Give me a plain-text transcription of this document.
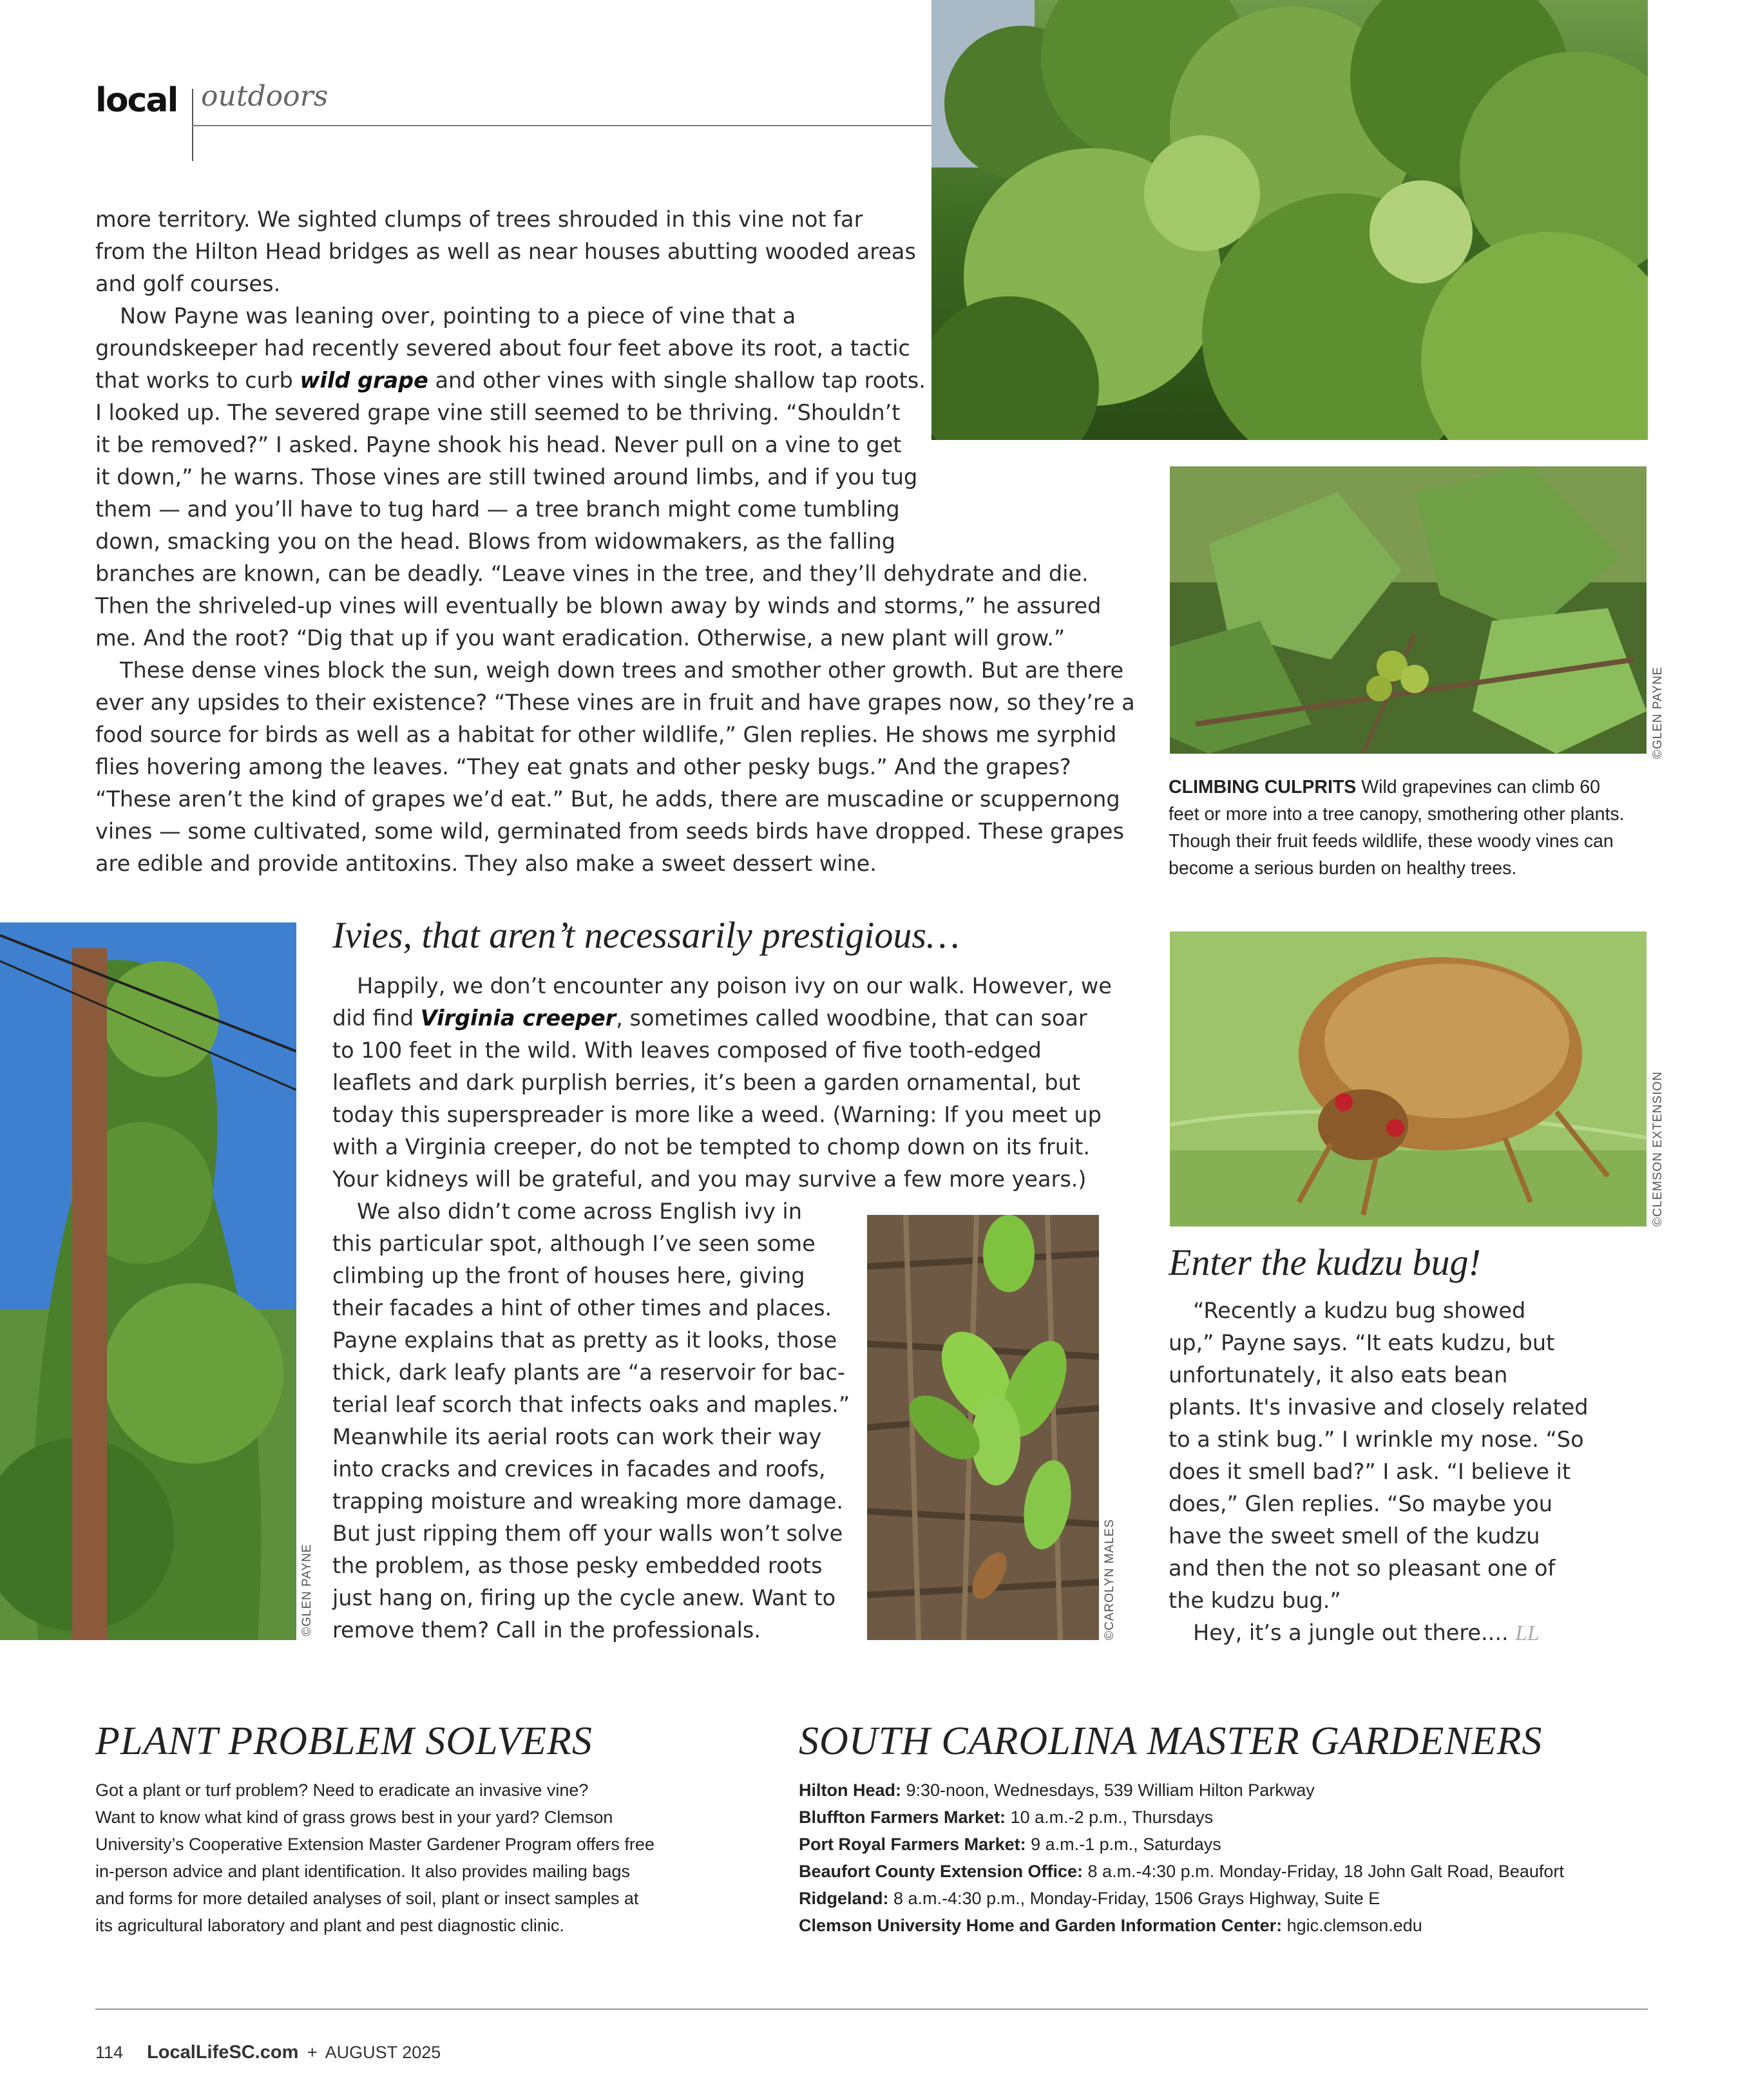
local outdoors
©GLEN PAYNE
CLIMBING CULPRITS Wild grapevines can climb 60
feet or more into a tree canopy, smothering other plants.
Though their fruit feeds wildlife, these woody vines can
become a serious burden on healthy trees.
more territory. We sighted clumps of trees shrouded in this vine not far
from the Hilton Head bridges as well as near houses abutting wooded areas
and golf courses.
Now Payne was leaning over, pointing to a piece of vine that a
groundskeeper had recently severed about four feet above its root, a tactic
that works to curb wild grape and other vines with single shallow tap roots.
I looked up. The severed grape vine still seemed to be thriving. “Shouldn’t
it be removed?” I asked. Payne shook his head. Never pull on a vine to get
it down,” he warns. Those vines are still twined around limbs, and if you tug
them — and you’ll have to tug hard — a tree branch might come tumbling
down, smacking you on the head. Blows from widowmakers, as the falling
branches are known, can be deadly. “Leave vines in the tree, and they’ll dehydrate and die.
Then the shriveled-up vines will eventually be blown away by winds and storms,” he assured
me. And the root? “Dig that up if you want eradication. Otherwise, a new plant will grow.”
These dense vines block the sun, weigh down trees and smother other growth. But are there
ever any upsides to their existence? “These vines are in fruit and have grapes now, so they’re a
food source for birds as well as a habitat for other wildlife,” Glen replies. He shows me syrphid
flies hovering among the leaves. “They eat gnats and other pesky bugs.” And the grapes?
“These aren’t the kind of grapes we’d eat.” But, he adds, there are muscadine or scuppernong
vines — some cultivated, some wild, germinated from seeds birds have dropped. These grapes
are edible and provide antitoxins. They also make a sweet dessert wine.
©GLEN PAYNE
Ivies, that aren’t necessarily prestigious…
Happily, we don’t encounter any poison ivy on our walk. However, we
did find Virginia creeper, sometimes called woodbine, that can soar
to 100 feet in the wild. With leaves composed of five tooth-edged
leaflets and dark purplish berries, it’s been a garden ornamental, but
today this superspreader is more like a weed. (Warning: If you meet up
with a Virginia creeper, do not be tempted to chomp down on its fruit.
Your kidneys will be grateful, and you may survive a few more years.)
We also didn’t come across English ivy in
this particular spot, although I’ve seen some
climbing up the front of houses here, giving
their facades a hint of other times and places.
Payne explains that as pretty as it looks, those
thick, dark leafy plants are “a reservoir for bac-
terial leaf scorch that infects oaks and maples.”
Meanwhile its aerial roots can work their way
into cracks and crevices in facades and roofs,
trapping moisture and wreaking more damage.
But just ripping them off your walls won’t solve
the problem, as those pesky embedded roots
just hang on, firing up the cycle anew. Want to
remove them? Call in the professionals.	©CAROLYN MALES
©CLEMSON EXTENSION
Enter the kudzu bug!
“Recently a kudzu bug showed
up,” Payne says. “It eats kudzu, but
unfortunately, it also eats bean
plants. It's invasive and closely related
to a stink bug.” I wrinkle my nose. “So
does it smell bad?” I ask. “I believe it
does,” Glen replies. “So maybe you
have the sweet smell of the kudzu
and then the not so pleasant one of
the kudzu bug.”
Hey, it’s a jungle out there.... LL
PLANT PROBLEM SOLVERS
Got a plant or turf problem? Need to eradicate an invasive vine?
Want to know what kind of grass grows best in your yard? Clemson
University’s Cooperative Extension Master Gardener Program offers free
in-person advice and plant identification. It also provides mailing bags
and forms for more detailed analyses of soil, plant or insect samples at
its agricultural laboratory and plant and pest diagnostic clinic.
SOUTH CAROLINA MASTER GARDENERS
Hilton Head: 9:30-noon, Wednesdays, 539 William Hilton Parkway
Bluffton Farmers Market: 10 a.m.-2 p.m., Thursdays
Port Royal Farmers Market: 9 a.m.-1 p.m., Saturdays
Beaufort County Extension Office: 8 a.m.-4:30 p.m. Monday-Friday, 18 John Galt Road, Beaufort
Ridgeland: 8 a.m.-4:30 p.m., Monday-Friday, 1506 Grays Highway, Suite E
Clemson University Home and Garden Information Center: hgic.clemson.edu
114 LocalLifeSC.com + AUGUST 2025
